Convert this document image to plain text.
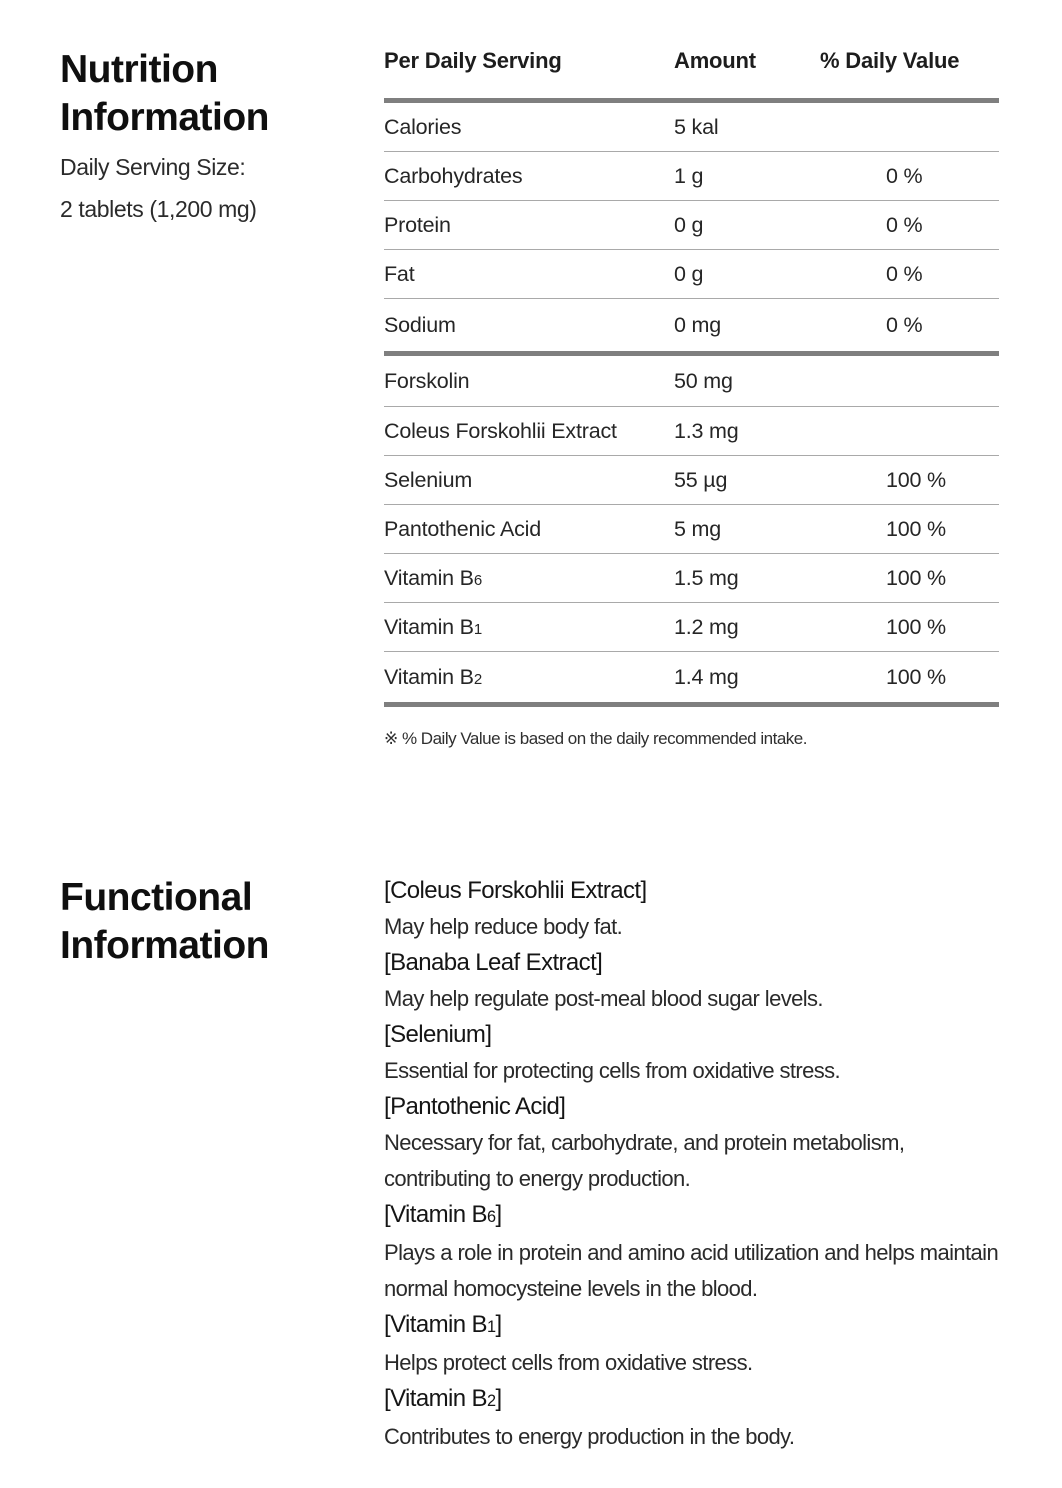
Nutrition
Information
Daily Serving Size:
2 tablets (1,200 mg)
Per Daily Serving	Amount	% Daily Value
Calories	5 kal	
Carbohydrates	1 g	0 %
Protein	0 g	0 %
Fat	0 g	0 %
Sodium	0 mg	0 %
Forskolin	50 mg	
Coleus Forskohlii Extract	1.3 mg	
Selenium	55 µg	100 %
Pantothenic Acid	5 mg	100 %
Vitamin B6	1.5 mg	100 %
Vitamin B1	1.2 mg	100 %
Vitamin B2	1.4 mg	100 %
※ % Daily Value is based on the daily recommended intake.
Functional
Information

[Coleus Forskohlii Extract]

May help reduce body fat.

[Banaba Leaf Extract]

May help regulate post-meal blood sugar levels.

[Selenium]

Essential for protecting cells from oxidative stress.

[Pantothenic Acid]

Necessary for fat, carbohydrate, and protein metabolism, contributing to energy production.

[Vitamin B6]

Plays a role in protein and amino acid utilization and helps maintain normal homocysteine levels in the blood.

[Vitamin B1]

Helps protect cells from oxidative stress.

[Vitamin B2]

Contributes to energy production in the body.
